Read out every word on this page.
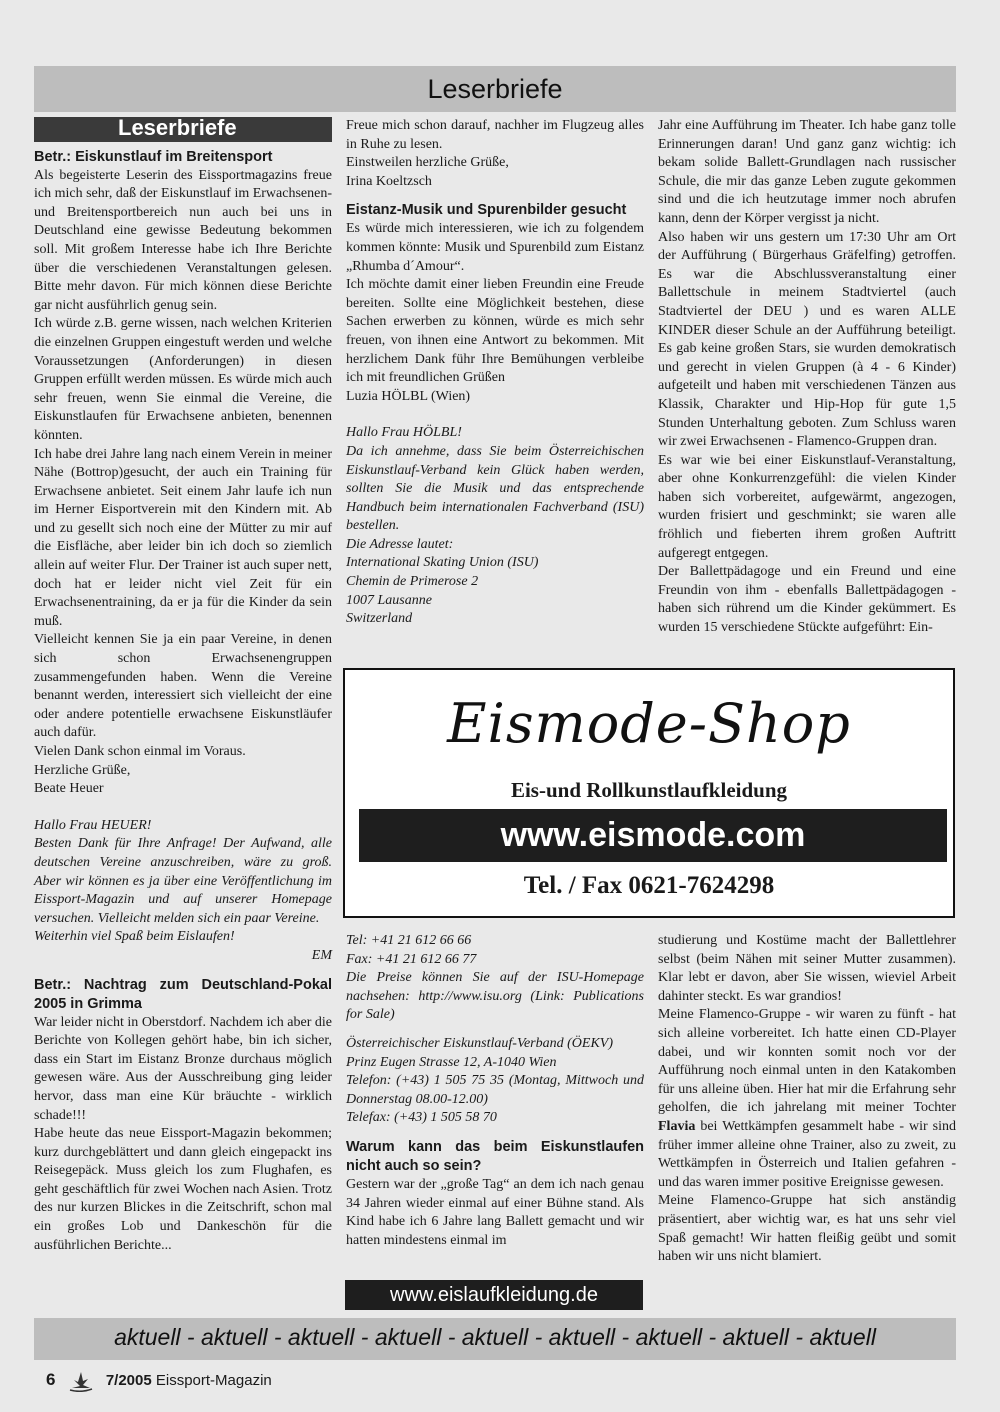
Leserbriefe
Leserbriefe

Betr.: Eiskunstlauf im Breitensport

Als begeisterte Leserin des Eissportmagazins freue ich mich sehr, daß der Eiskunstlauf im Erwachsenen- und Breitensportbereich nun auch bei uns in Deutschland eine gewisse Bedeutung bekommen soll. Mit großem Interesse habe ich Ihre Berichte über die verschiedenen Veranstaltungen gelesen. Bitte mehr davon. Für mich können diese Berichte gar nicht ausführlich genug sein.

Ich würde z.B. gerne wissen, nach welchen Kriterien die einzelnen Gruppen eingestuft werden und welche Voraussetzungen (Anforderungen) in diesen Gruppen erfüllt werden müssen. Es würde mich auch sehr freuen, wenn Sie einmal die Vereine, die Eiskunstlaufen für Erwachsene anbieten, benennen könnten.

Ich habe drei Jahre lang nach einem Verein in meiner Nähe (Bottrop)gesucht, der auch ein Training für Erwachsene anbietet. Seit einem Jahr laufe ich nun im Herner Eisportverein mit den Kindern mit. Ab und zu gesellt sich noch eine der Mütter zu mir auf die Eisfläche, aber leider bin ich doch so ziemlich allein auf weiter Flur. Der Trainer ist auch super nett, doch hat er leider nicht viel Zeit für ein Erwachsenentraining, da er ja für die Kinder da sein muß.

Vielleicht kennen Sie ja ein paar Vereine, in denen sich schon Erwachsenengruppen zusammengefunden haben. Wenn die Vereine benannt werden, interessiert sich vielleicht der eine oder andere potentielle erwachsene Eiskunstläufer auch dafür.

Vielen Dank schon einmal im Voraus.

Herzliche Grüße,

Beate Heuer

Hallo Frau HEUER!

Besten Dank für Ihre Anfrage! Der Aufwand, alle deutschen Vereine anzuschreiben, wäre zu groß. Aber wir können es ja über eine Veröffentlichung im Eissport-Magazin und auf unserer Homepage versuchen. Vielleicht melden sich ein paar Vereine.

Weiterhin viel Spaß beim Eislaufen!

EM

Betr.: Nachtrag zum Deutschland-Pokal 2005 in Grimma

War leider nicht in Oberstdorf. Nachdem ich aber die Berichte von Kollegen gehört habe, bin ich sicher, dass ein Start im Eistanz Bronze durchaus möglich gewesen wäre. Aus der Ausschreibung ging leider hervor, dass man eine Kür bräuchte - wirklich schade!!!

Habe heute das neue Eissport-Magazin bekommen; kurz durchgeblättert und dann gleich eingepackt ins Reisegepäck. Muss gleich los zum Flughafen, es geht geschäftlich für zwei Wochen nach Asien. Trotz des nur kurzen Blickes in die Zeitschrift, schon mal ein großes Lob und Dankeschön für die ausführlichen Berichte...

Freue mich schon darauf, nachher im Flugzeug alles in Ruhe zu lesen.

Einstweilen herzliche Grüße,

Irina Koeltzsch

Eistanz-Musik und Spurenbilder gesucht

Es würde mich interessieren, wie ich zu folgendem kommen könnte: Musik und Spurenbild zum Eistanz „Rhumba d´Amour“.

Ich möchte damit einer lieben Freundin eine Freude bereiten. Sollte eine Möglichkeit bestehen, diese Sachen erwerben zu können, würde es mich sehr freuen, von ihnen eine Antwort zu bekommen. Mit herzlichem Dank führ Ihre Bemühungen verbleibe ich mit freundlichen Grüßen

Luzia HÖLBL (Wien)

Hallo Frau HÖLBL!

Da ich annehme, dass Sie beim Österreichischen Eiskunstlauf-Verband kein Glück haben werden, sollten Sie die Musik und das entsprechende Handbuch beim internationalen Fachverband (ISU) bestellen.

Die Adresse lautet:

International Skating Union (ISU)

Chemin de Primerose 2

1007 Lausanne

Switzerland

Jahr eine Aufführung im Theater. Ich habe ganz tolle Erinnerungen daran! Und ganz ganz wichtig: ich bekam solide Ballett-Grundlagen nach russischer Schule, die mir das ganze Leben zugute gekommen sind und die ich heutzutage immer noch abrufen kann, denn der Körper vergisst ja nicht.

Also haben wir uns gestern um 17:30 Uhr am Ort der Aufführung ( Bürgerhaus Gräfelfing) getroffen. Es war die Abschlussveranstaltung einer Ballettschule in meinem Stadtviertel (auch Stadtviertel der DEU ) und es waren ALLE KINDER dieser Schule an der Aufführung beteiligt. Es gab keine großen Stars, sie wurden demokratisch und gerecht in vielen Gruppen (à 4 - 6 Kinder) aufgeteilt und haben mit verschiedenen Tänzen aus Klassik, Charakter und Hip-Hop für gute 1,5 Stunden Unterhaltung geboten. Zum Schluss waren wir zwei Erwachsenen - Flamenco-Gruppen dran.

Es war wie bei einer Eiskunstlauf-Veranstaltung, aber ohne Konkurrenzgefühl: die vielen Kinder haben sich vorbereitet, aufgewärmt, angezogen, wurden frisiert und geschminkt; sie waren alle fröhlich und fieberten ihrem großen Auftritt aufgeregt entgegen.

Der Ballettpädagoge und ein Freund und eine Freundin von ihm - ebenfalls Ballettpädagogen - haben sich rührend um die Kinder gekümmert. Es wurden 15 verschiedene Stückte aufgeführt: Ein-

Eismode-Shop
Eis-und Rollkunstlaufkleidung
www.eismode.com
Tel. / Fax 0621-7624298

Tel: +41 21 612 66 66

Fax: +41 21 612 66 77

Die Preise können Sie auf der ISU-Homepage nachsehen: http://www.isu.org (Link: Publications for Sale)

Österreichischer Eiskunstlauf-Verband (ÖEKV)

Prinz Eugen Strasse 12, A-1040 Wien

Telefon: (+43) 1 505 75 35 (Montag, Mittwoch und Donnerstag 08.00-12.00)

Telefax: (+43) 1 505 58 70

Warum kann das beim Eiskunstlaufen nicht auch so sein?

Gestern war der „große Tag“ an dem ich nach genau 34 Jahren wieder einmal auf einer Bühne stand. Als Kind habe ich 6 Jahre lang Ballett gemacht und wir hatten mindestens einmal im

studierung und Kostüme macht der Ballettlehrer selbst (beim Nähen mit seiner Mutter zusammen). Klar lebt er davon, aber Sie wissen, wieviel Arbeit dahinter steckt. Es war grandios!

Meine Flamenco-Gruppe - wir waren zu fünft - hat sich alleine vorbereitet. Ich hatte einen CD-Player dabei, und wir konnten somit noch vor der Aufführung noch einmal unten in den Katakomben für uns alleine üben. Hier hat mir die Erfahrung sehr geholfen, die ich jahrelang mit meiner Tochter Flavia bei Wettkämpfen gesammelt habe - wir sind früher immer alleine ohne Trainer, also zu zweit, zu Wettkämpfen in Österreich und Italien gefahren - und das waren immer positive Ereignisse gewesen.

Meine Flamenco-Gruppe hat sich anständig präsentiert, aber wichtig war, es hat uns sehr viel Spaß gemacht! Wir hatten fleißig geübt und somit haben wir uns nicht blamiert.

www.eislaufkleidung.de
aktuell - aktuell - aktuell - aktuell - aktuell - aktuell - aktuell - aktuell - aktuell
6	7/2005 Eissport-Magazin
